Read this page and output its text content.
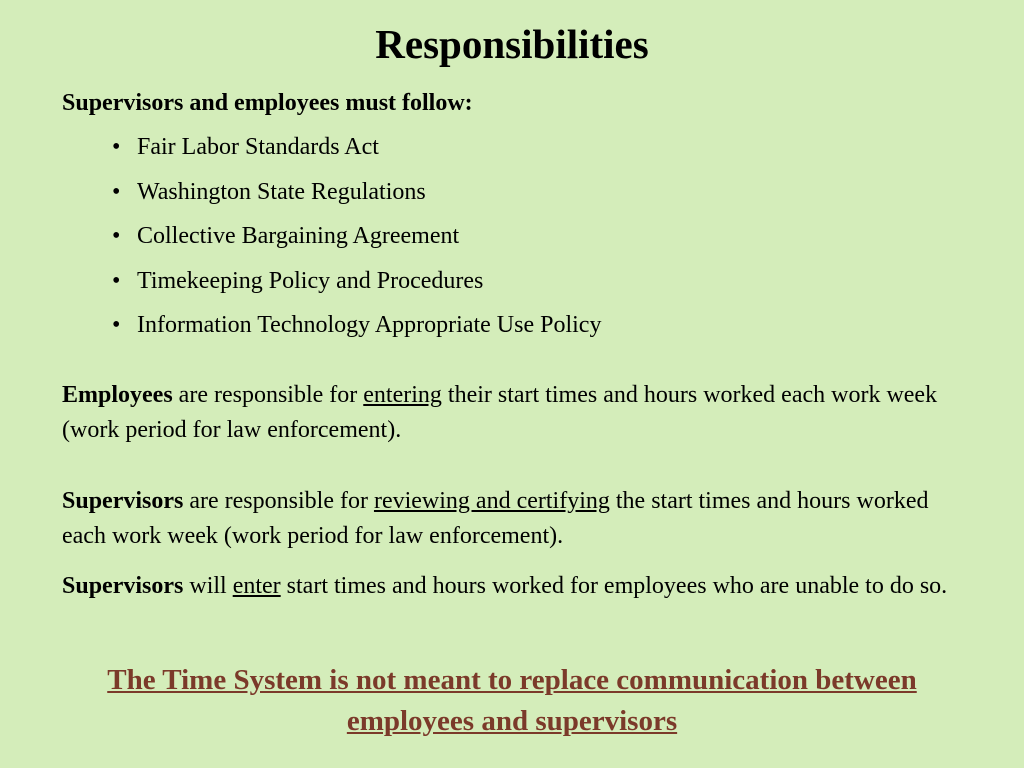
Responsibilities

Supervisors and employees must follow:

• Fair Labor Standards Act
• Washington State Regulations
• Collective Bargaining Agreement
• Timekeeping Policy and Procedures
• Information Technology Appropriate Use Policy

Employees are responsible for entering their start times and hours worked each work week (work period for law enforcement).

Supervisors are responsible for reviewing and certifying the start times and hours worked each work week (work period for law enforcement).

Supervisors will enter start times and hours worked for employees who are unable to do so.

The Time System is not meant to replace communication between employees and supervisors
